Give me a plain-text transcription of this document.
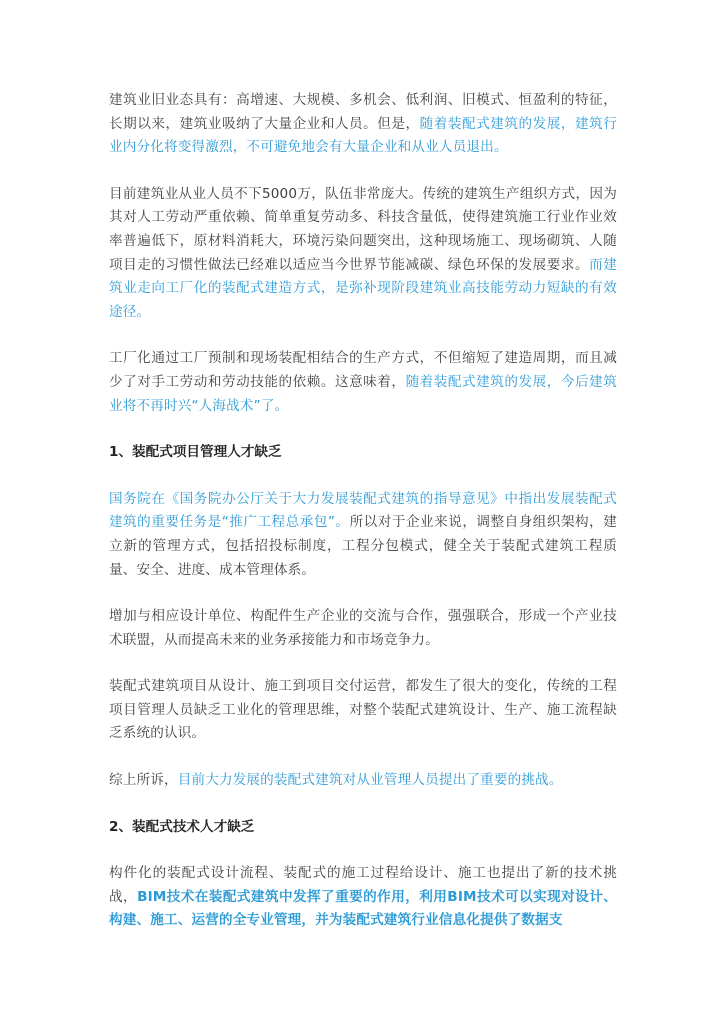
建筑业旧业态具有：高增速、大规模、多机会、低利润、旧模式、恒盈利的特征，长期以来，建筑业吸纳了大量企业和人员。但是，随着装配式建筑的发展，建筑行业内分化将变得激烈，不可避免地会有大量企业和从业人员退出。

目前建筑业从业人员不下5000万，队伍非常庞大。传统的建筑生产组织方式，因为其对人工劳动严重依赖、简单重复劳动多、科技含量低，使得建筑施工行业作业效率普遍低下，原材料消耗大，环境污染问题突出，这种现场施工、现场砌筑、人随项目走的习惯性做法已经难以适应当今世界节能减碳、绿色环保的发展要求。而建筑业走向工厂化的装配式建造方式，是弥补现阶段建筑业高技能劳动力短缺的有效途径。

工厂化通过工厂预制和现场装配相结合的生产方式，不但缩短了建造周期，而且减少了对手工劳动和劳动技能的依赖。这意味着，随着装配式建筑的发展，今后建筑业将不再时兴“人海战术”了。

1、装配式项目管理人才缺乏

国务院在《国务院办公厅关于大力发展装配式建筑的指导意见》中指出发展装配式建筑的重要任务是“推广工程总承包”。所以对于企业来说，调整自身组织架构，建立新的管理方式，包括招投标制度，工程分包模式，健全关于装配式建筑工程质量、安全、进度、成本管理体系。

增加与相应设计单位、构配件生产企业的交流与合作，强强联合，形成一个产业技术联盟，从而提高未来的业务承接能力和市场竞争力。

装配式建筑项目从设计、施工到项目交付运营，都发生了很大的变化，传统的工程项目管理人员缺乏工业化的管理思维，对整个装配式建筑设计、生产、施工流程缺乏系统的认识。

综上所诉，目前大力发展的装配式建筑对从业管理人员提出了重要的挑战。

2、装配式技术人才缺乏

构件化的装配式设计流程、装配式的施工过程给设计、施工也提出了新的技术挑战，BIM技术在装配式建筑中发挥了重要的作用，利用BIM技术可以实现对设计、构建、施工、运营的全专业管理，并为装配式建筑行业信息化提供了数据支
